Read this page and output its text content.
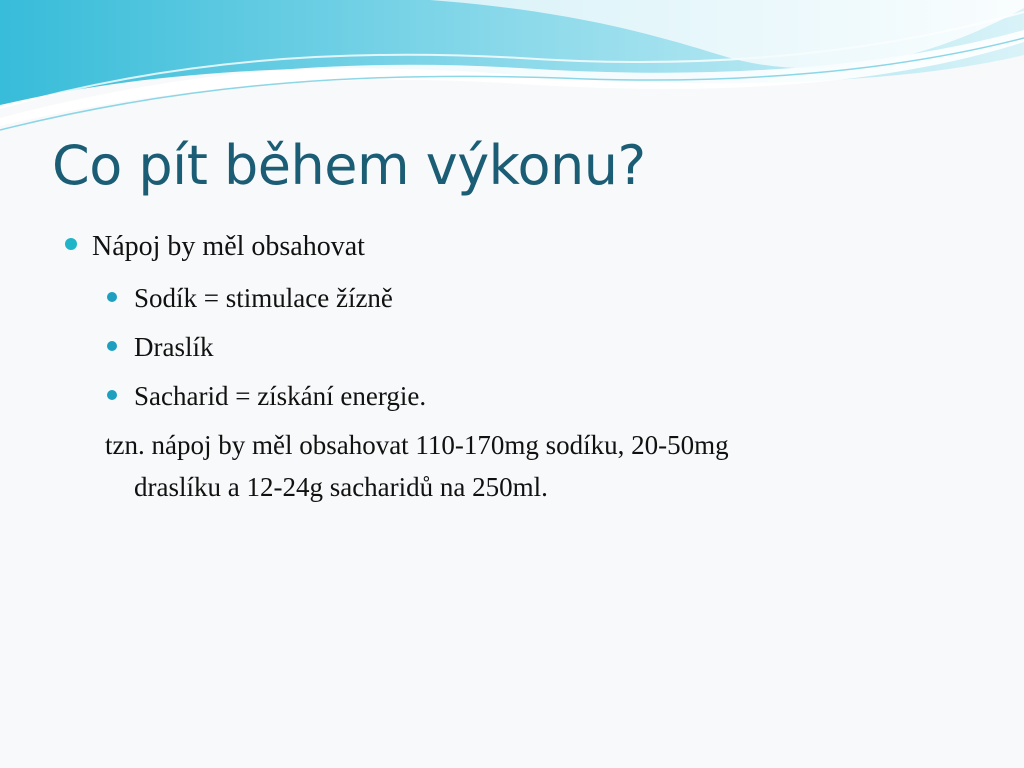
Co pít během výkonu?
Nápoj by měl obsahovat
Sodík = stimulace žízně
Draslík
Sacharid = získání energie.
tzn. nápoj by měl obsahovat 110-170mg sodíku, 20-50mg
draslíku a 12-24g sacharidů na 250ml.
